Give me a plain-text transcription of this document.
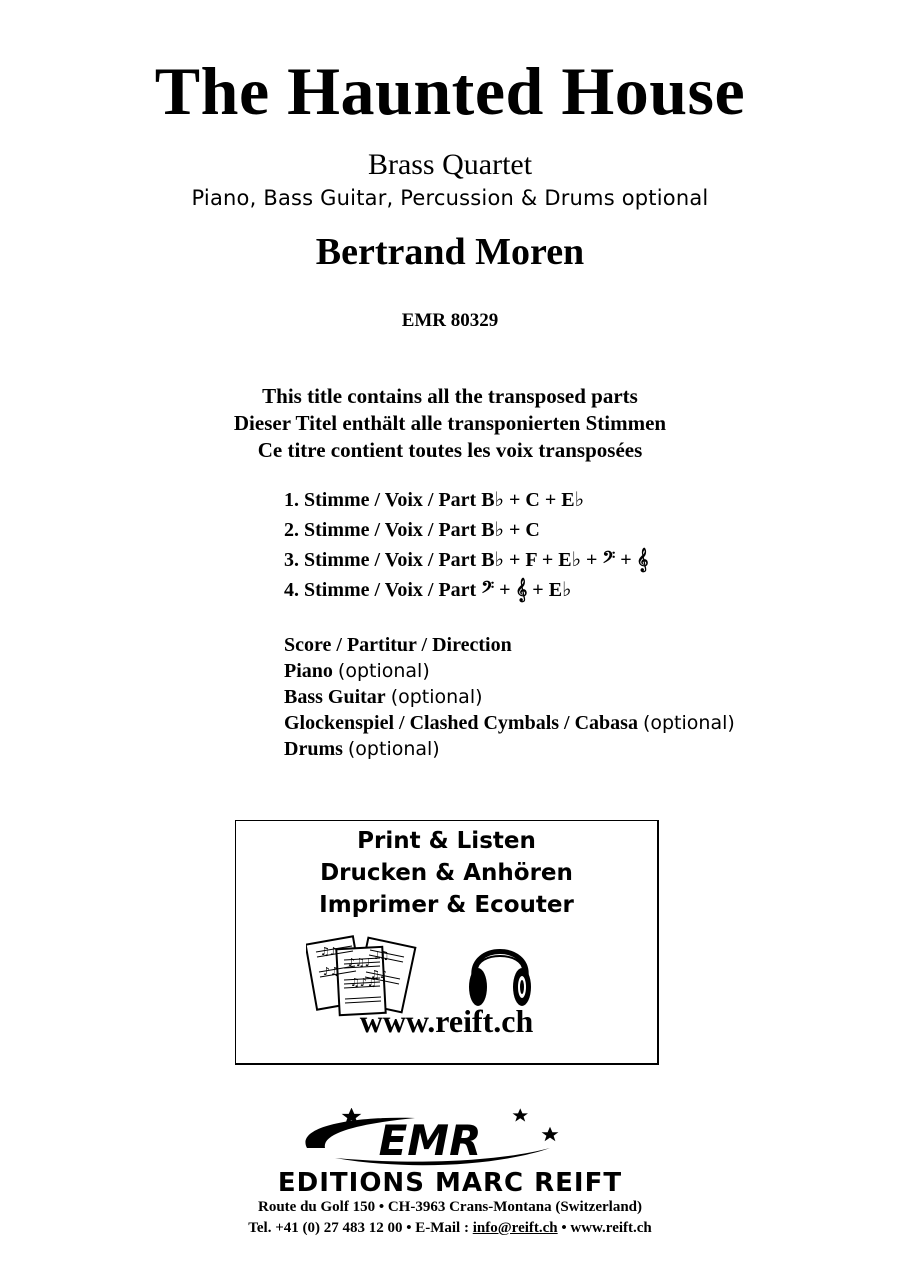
The Haunted House
Brass Quartet
Piano, Bass Guitar, Percussion & Drums optional
Bertrand Moren
EMR 80329
This title contains all the transposed parts
Dieser Titel enthält alle transponierten Stimmen
Ce titre contient toutes les voix transposées
1. Stimme / Voix / Part B♭ + C + E♭
2. Stimme / Voix / Part B♭ + C
3. Stimme / Voix / Part B♭ + F + E♭ + 𝄢 + 𝄞
4. Stimme / Voix / Part 𝄢 + 𝄞 + E♭
Score / Partitur / Direction
Piano (optional)
Bass Guitar (optional)
Glockenspiel / Clashed Cymbals / Cabasa (optional)
Drums (optional)
Print & Listen
Drucken & Anhören
Imprimer & Ecouter
♪♫♩
♫♪♫
♫♪
♪♫
♩♫
♫♪
www.reift.ch
EMR
EDITIONS MARC REIFT
Route du Golf 150 • CH-3963 Crans-Montana (Switzerland)
Tel. +41 (0) 27 483 12 00 • E-Mail : info@reift.ch • www.reift.ch
